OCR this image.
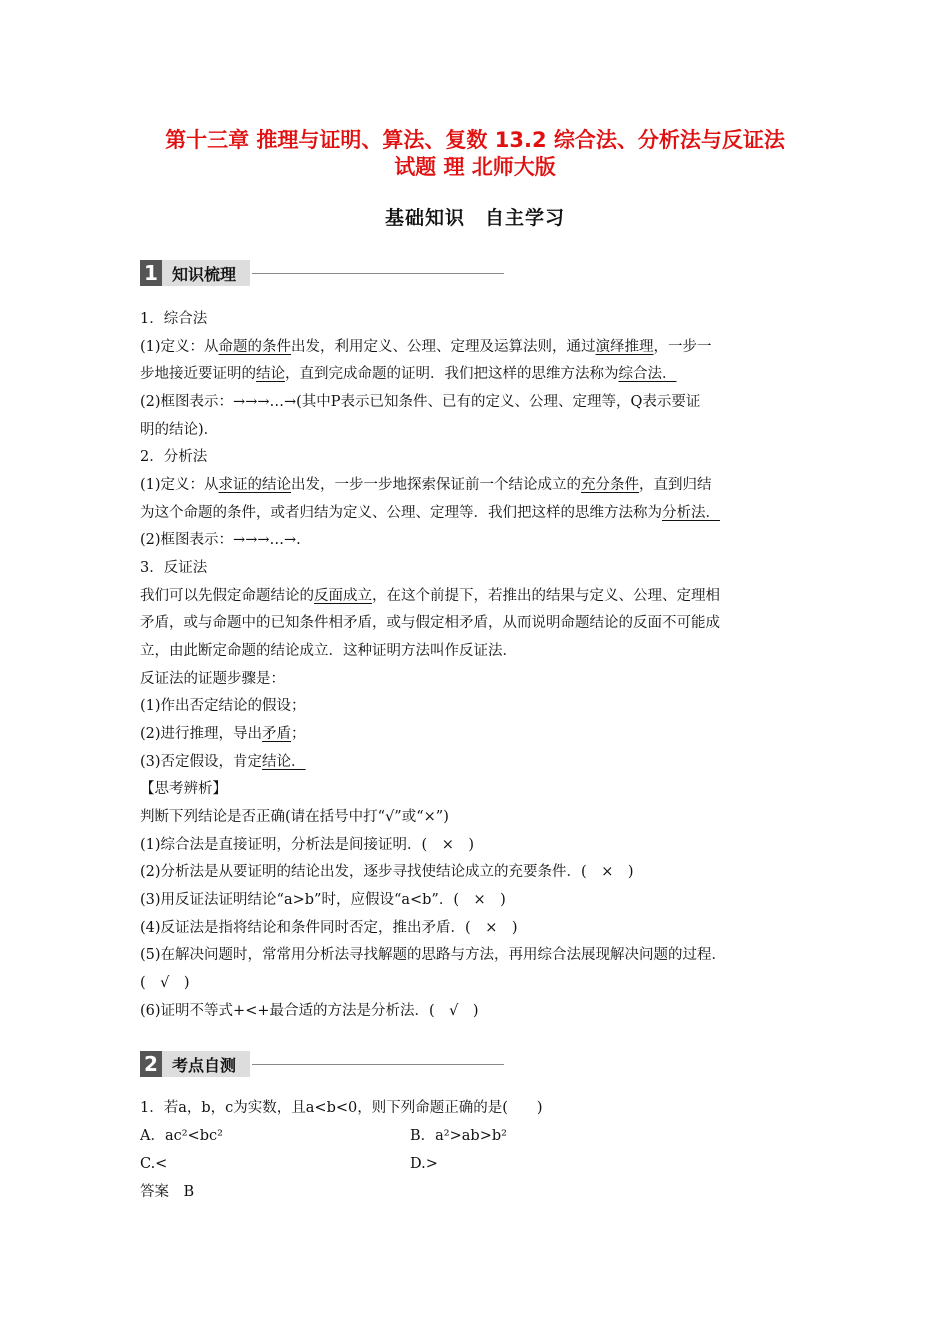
第十三章 推理与证明、算法、复数 13.2 综合法、分析法与反证法
试题 理 北师大版
基础知识　自主学习
1 知识梳理
1．综合法
(1)定义：从命题的条件出发，利用定义、公理、定理及运算法则，通过演绎推理，一步一
步地接近要证明的结论，直到完成命题的证明．我们把这样的思维方法称为综合法．
(2)框图表示：→→→…→(其中P表示已知条件、已有的定义、公理、定理等，Q表示要证
明的结论)．
2．分析法
(1)定义：从求证的结论出发，一步一步地探索保证前一个结论成立的充分条件，直到归结
为这个命题的条件，或者归结为定义、公理、定理等．我们把这样的思维方法称为分析法．
(2)框图表示：→→→…→.
3．反证法
我们可以先假定命题结论的反面成立，在这个前提下，若推出的结果与定义、公理、定理相
矛盾，或与命题中的已知条件相矛盾，或与假定相矛盾，从而说明命题结论的反面不可能成
立，由此断定命题的结论成立．这种证明方法叫作反证法．
反证法的证题步骤是：
(1)作出否定结论的假设；
(2)进行推理，导出矛盾；
(3)否定假设，肯定结论．
【思考辨析】
判断下列结论是否正确(请在括号中打“√”或“×”)
(1)综合法是直接证明，分析法是间接证明．(　×　)
(2)分析法是从要证明的结论出发，逐步寻找使结论成立的充要条件．(　×　)
(3)用反证法证明结论“a>b”时，应假设“a<b”．(　×　)
(4)反证法是指将结论和条件同时否定，推出矛盾．(　×　)
(5)在解决问题时，常常用分析法寻找解题的思路与方法，再用综合法展现解决问题的过程．
(　√　)
(6)证明不等式+<+最合适的方法是分析法．(　√　)
2 考点自测
1．若a，b，c为实数，且a<b<0，则下列命题正确的是(　　)
A．ac²<bc²	B．a²>ab>b²
C.<	D.>
答案　B
